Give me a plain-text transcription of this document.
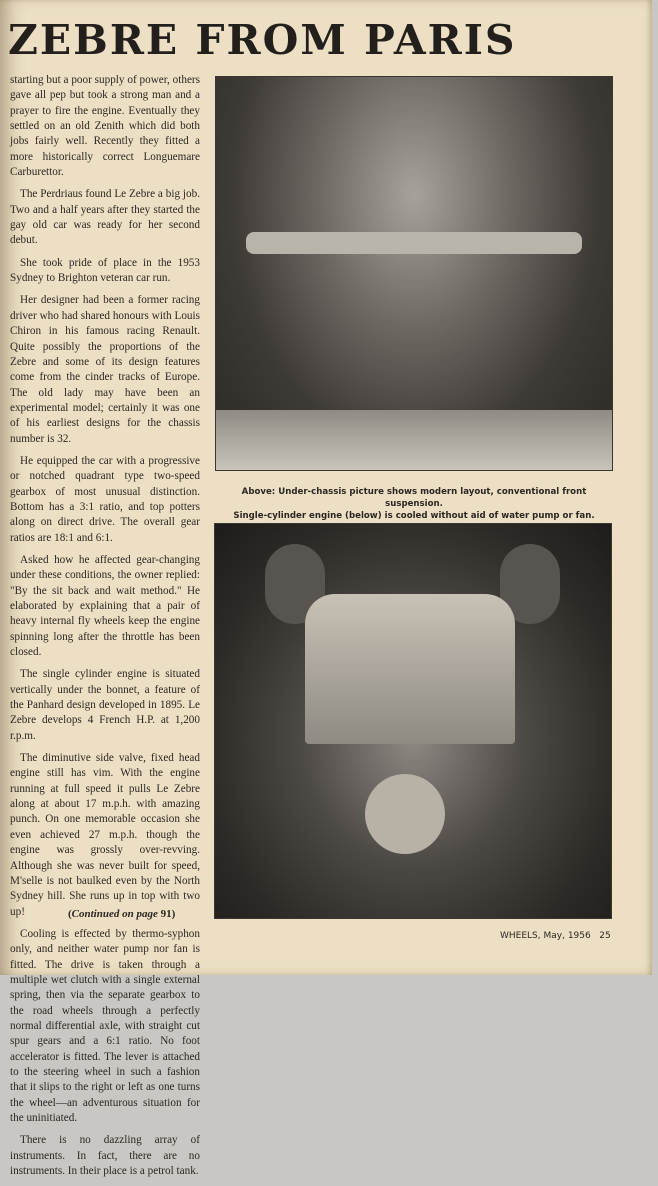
ZEBRE FROM PARIS

starting but a poor supply of power, others gave all pep but took a strong man and a prayer to fire the engine. Eventually they settled on an old Zenith which did both jobs fairly well. Recently they fitted a more historically correct Longuemare Carburettor.

The Perdriaus found Le Zebre a big job. Two and a half years after they started the gay old car was ready for her second debut.

She took pride of place in the 1953 Sydney to Brighton veteran car run.

Her designer had been a former racing driver who had shared honours with Louis Chiron in his famous racing Renault. Quite possibly the proportions of the Zebre and some of its design features come from the cinder tracks of Europe. The old lady may have been an experimental model; certainly it was one of his earliest designs for the chassis number is 32.

He equipped the car with a progressive or notched quadrant type two-speed gearbox of most unusual distinction. Bottom has a 3:1 ratio, and top potters along on direct drive. The overall gear ratios are 18:1 and 6:1.

Asked how he affected gear-changing under these conditions, the owner replied: "By the sit back and wait method." He elaborated by explaining that a pair of heavy internal fly wheels keep the engine spinning long after the throttle has been closed.

The single cylinder engine is situated vertically under the bonnet, a feature of the Panhard design developed in 1895. Le Zebre develops 4 French H.P. at 1,200 r.p.m.

The diminutive side valve, fixed head engine still has vim. With the engine running at full speed it pulls Le Zebre along at about 17 m.p.h. with amazing punch. On one memorable occasion she even achieved 27 m.p.h. though the engine was grossly over-revving. Although she was never built for speed, M'selle is not baulked even by the North Sydney hill. She runs up in top with two up!

Cooling is effected by thermo-syphon only, and neither water pump nor fan is fitted. The drive is taken through a multiple wet clutch with a single external spring, then via the separate gearbox to the road wheels through a perfectly normal differential axle, with straight cut spur gears and a 6:1 ratio. No foot accelerator is fitted. The lever is attached to the steering wheel in such a fashion that it slips to the right or left as one turns the wheel—an adventurous situation for the uninitiated.

There is no dazzling array of instruments. In fact, there are no instruments. In their place is a petrol tank.

(Continued on page 91)
Above: Under-chassis picture shows modern layout, conventional front suspension.
Single-cylinder engine (below) is cooled without aid of water pump or fan.
WHEELS, May, 1956   25
